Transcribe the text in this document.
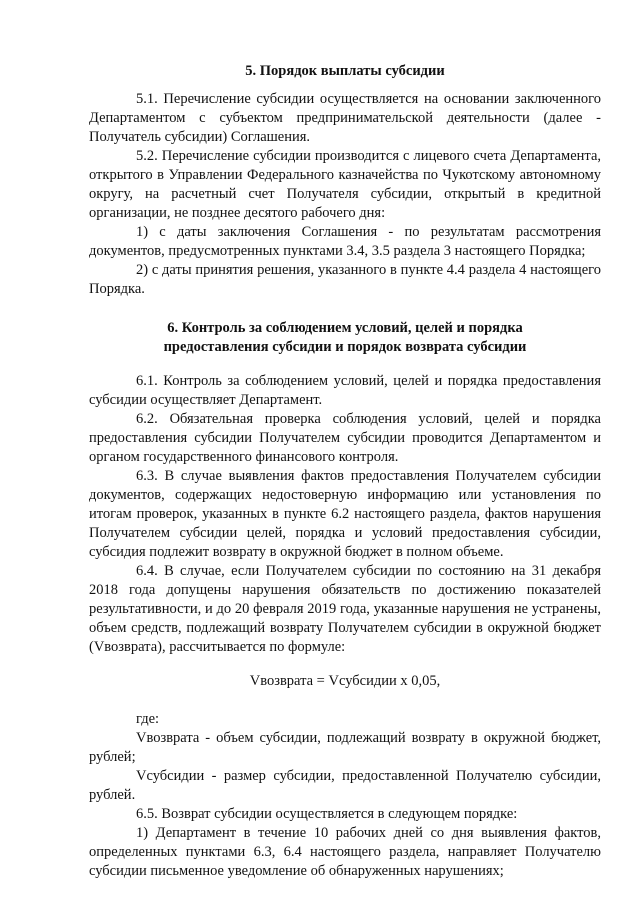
5. Порядок выплаты субсидии

5.1. Перечисление субсидии осуществляется на основании заключенного Департаментом с субъектом предпринимательской деятельности (далее - Получатель субсидии) Соглашения.

5.2. Перечисление субсидии производится с лицевого счета Департамента, открытого в Управлении Федерального казначейства по Чукотскому автономному округу, на расчетный счет Получателя субсидии, открытый в кредитной организации, не позднее десятого рабочего дня:

1) с даты заключения Соглашения - по результатам рассмотрения документов, предусмотренных пунктами 3.4, 3.5 раздела 3 настоящего Порядка;

2) с даты принятия решения, указанного в пункте 4.4 раздела 4 настоящего Порядка.

6. Контроль за соблюдением условий, целей и порядка
предоставления субсидии и порядок возврата субсидии

6.1. Контроль за соблюдением условий, целей и порядка предоставления субсидии осуществляет Департамент.

6.2. Обязательная проверка соблюдения условий, целей и порядка предоставления субсидии Получателем субсидии проводится Департаментом и органом государственного финансового контроля.

6.3. В случае выявления фактов предоставления Получателем субсидии документов, содержащих недостоверную информацию или установления по итогам проверок, указанных в пункте 6.2 настоящего раздела, фактов нарушения Получателем субсидии целей, порядка и условий предоставления субсидии, субсидия подлежит возврату в окружной бюджет в полном объеме.

6.4. В случае, если Получателем субсидии по состоянию на 31 декабря 2018 года допущены нарушения обязательств по достижению показателей результативности, и до 20 февраля 2019 года, указанные нарушения не устранены, объем средств, подлежащий возврату Получателем субсидии в окружной бюджет (Vвозврата), рассчитывается по формуле:

Vвозврата = Vсубсидии x 0,05,

где:

Vвозврата - объем субсидии, подлежащий возврату в окружной бюджет, рублей;

Vсубсидии - размер субсидии, предоставленной Получателю субсидии, рублей.

6.5. Возврат субсидии осуществляется в следующем порядке:

1) Департамент в течение 10 рабочих дней со дня выявления фактов, определенных пунктами 6.3, 6.4 настоящего раздела, направляет Получателю субсидии письменное уведомление об обнаруженных нарушениях;
